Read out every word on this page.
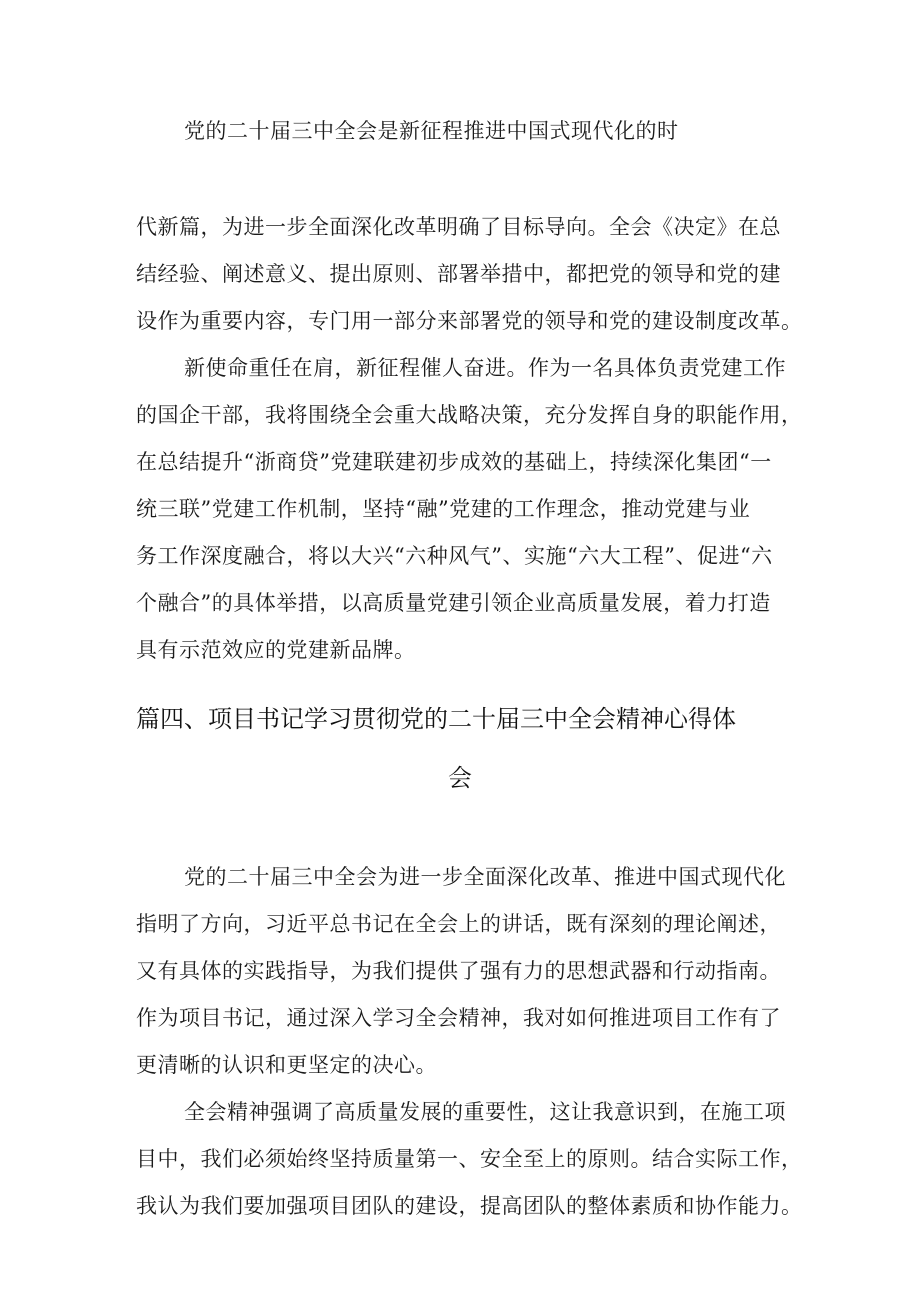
党的二十届三中全会是新征程推进中国式现代化的时
代新篇，为进一步全面深化改革明确了目标导向。全会《决定》在总
结经验、阐述意义、提出原则、部署举措中，都把党的领导和党的建
设作为重要内容，专门用一部分来部署党的领导和党的建设制度改革。
新使命重任在肩，新征程催人奋进。作为一名具体负责党建工作
的国企干部，我将围绕全会重大战略决策，充分发挥自身的职能作用，
在总结提升“浙商贷”党建联建初步成效的基础上，持续深化集团“一
统三联”党建工作机制，坚持“融”党建的工作理念，推动党建与业
务工作深度融合，将以大兴“六种风气”、实施“六大工程”、促进“六
个融合”的具体举措，以高质量党建引领企业高质量发展，着力打造
具有示范效应的党建新品牌。
篇四、项目书记学习贯彻党的二十届三中全会精神心得体
会
党的二十届三中全会为进一步全面深化改革、推进中国式现代化
指明了方向，习近平总书记在全会上的讲话，既有深刻的理论阐述，
又有具体的实践指导，为我们提供了强有力的思想武器和行动指南。
作为项目书记，通过深入学习全会精神，我对如何推进项目工作有了
更清晰的认识和更坚定的决心。
全会精神强调了高质量发展的重要性，这让我意识到，在施工项
目中，我们必须始终坚持质量第一、安全至上的原则。结合实际工作，
我认为我们要加强项目团队的建设，提高团队的整体素质和协作能力。
